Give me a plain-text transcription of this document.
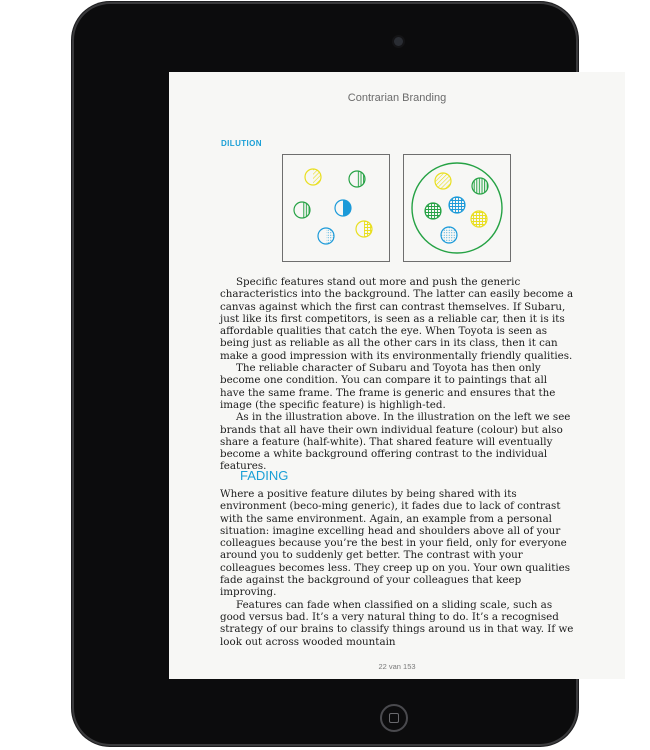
Contrarian Branding
DILUTION

Specific features stand out more and push the generic characteristics into the background. The latter can easily become a canvas against which the first can contrast themselves. If Subaru, just like its first competitors, is seen as a reliable car, then it is its affordable qualities that catch the eye. When Toyota is seen as being just as reliable as all the other cars in its class, then it can make a good impression with its environmentally friendly qualities.

The reliable character of Subaru and Toyota has then only become one condition. You can compare it to paintings that all have the same frame. The frame is generic and ensures that the image (the specific feature) is highligh-ted.

As in the illustration above. In the illustration on the left we see brands that all have their own individual feature (colour) but also share a feature (half-white). That shared feature will eventually become a white background offering contrast to the individual features.

FADING

Where a positive feature dilutes by being shared with its environment (beco-ming generic), it fades due to lack of contrast with the same environment. Again, an example from a personal situation: imagine excelling head and shoulders above all of your colleagues because you’re the best in your field, only for everyone around you to suddenly get better. The contrast with your colleagues becomes less. They creep up on you. Your own qualities fade against the background of your colleagues that keep improving.

Features can fade when classified on a sliding scale, such as good versus bad. It’s a very natural thing to do. It’s a recognised strategy of our brains to classify things around us in that way. If we look out across wooded mountain

22 van 153
